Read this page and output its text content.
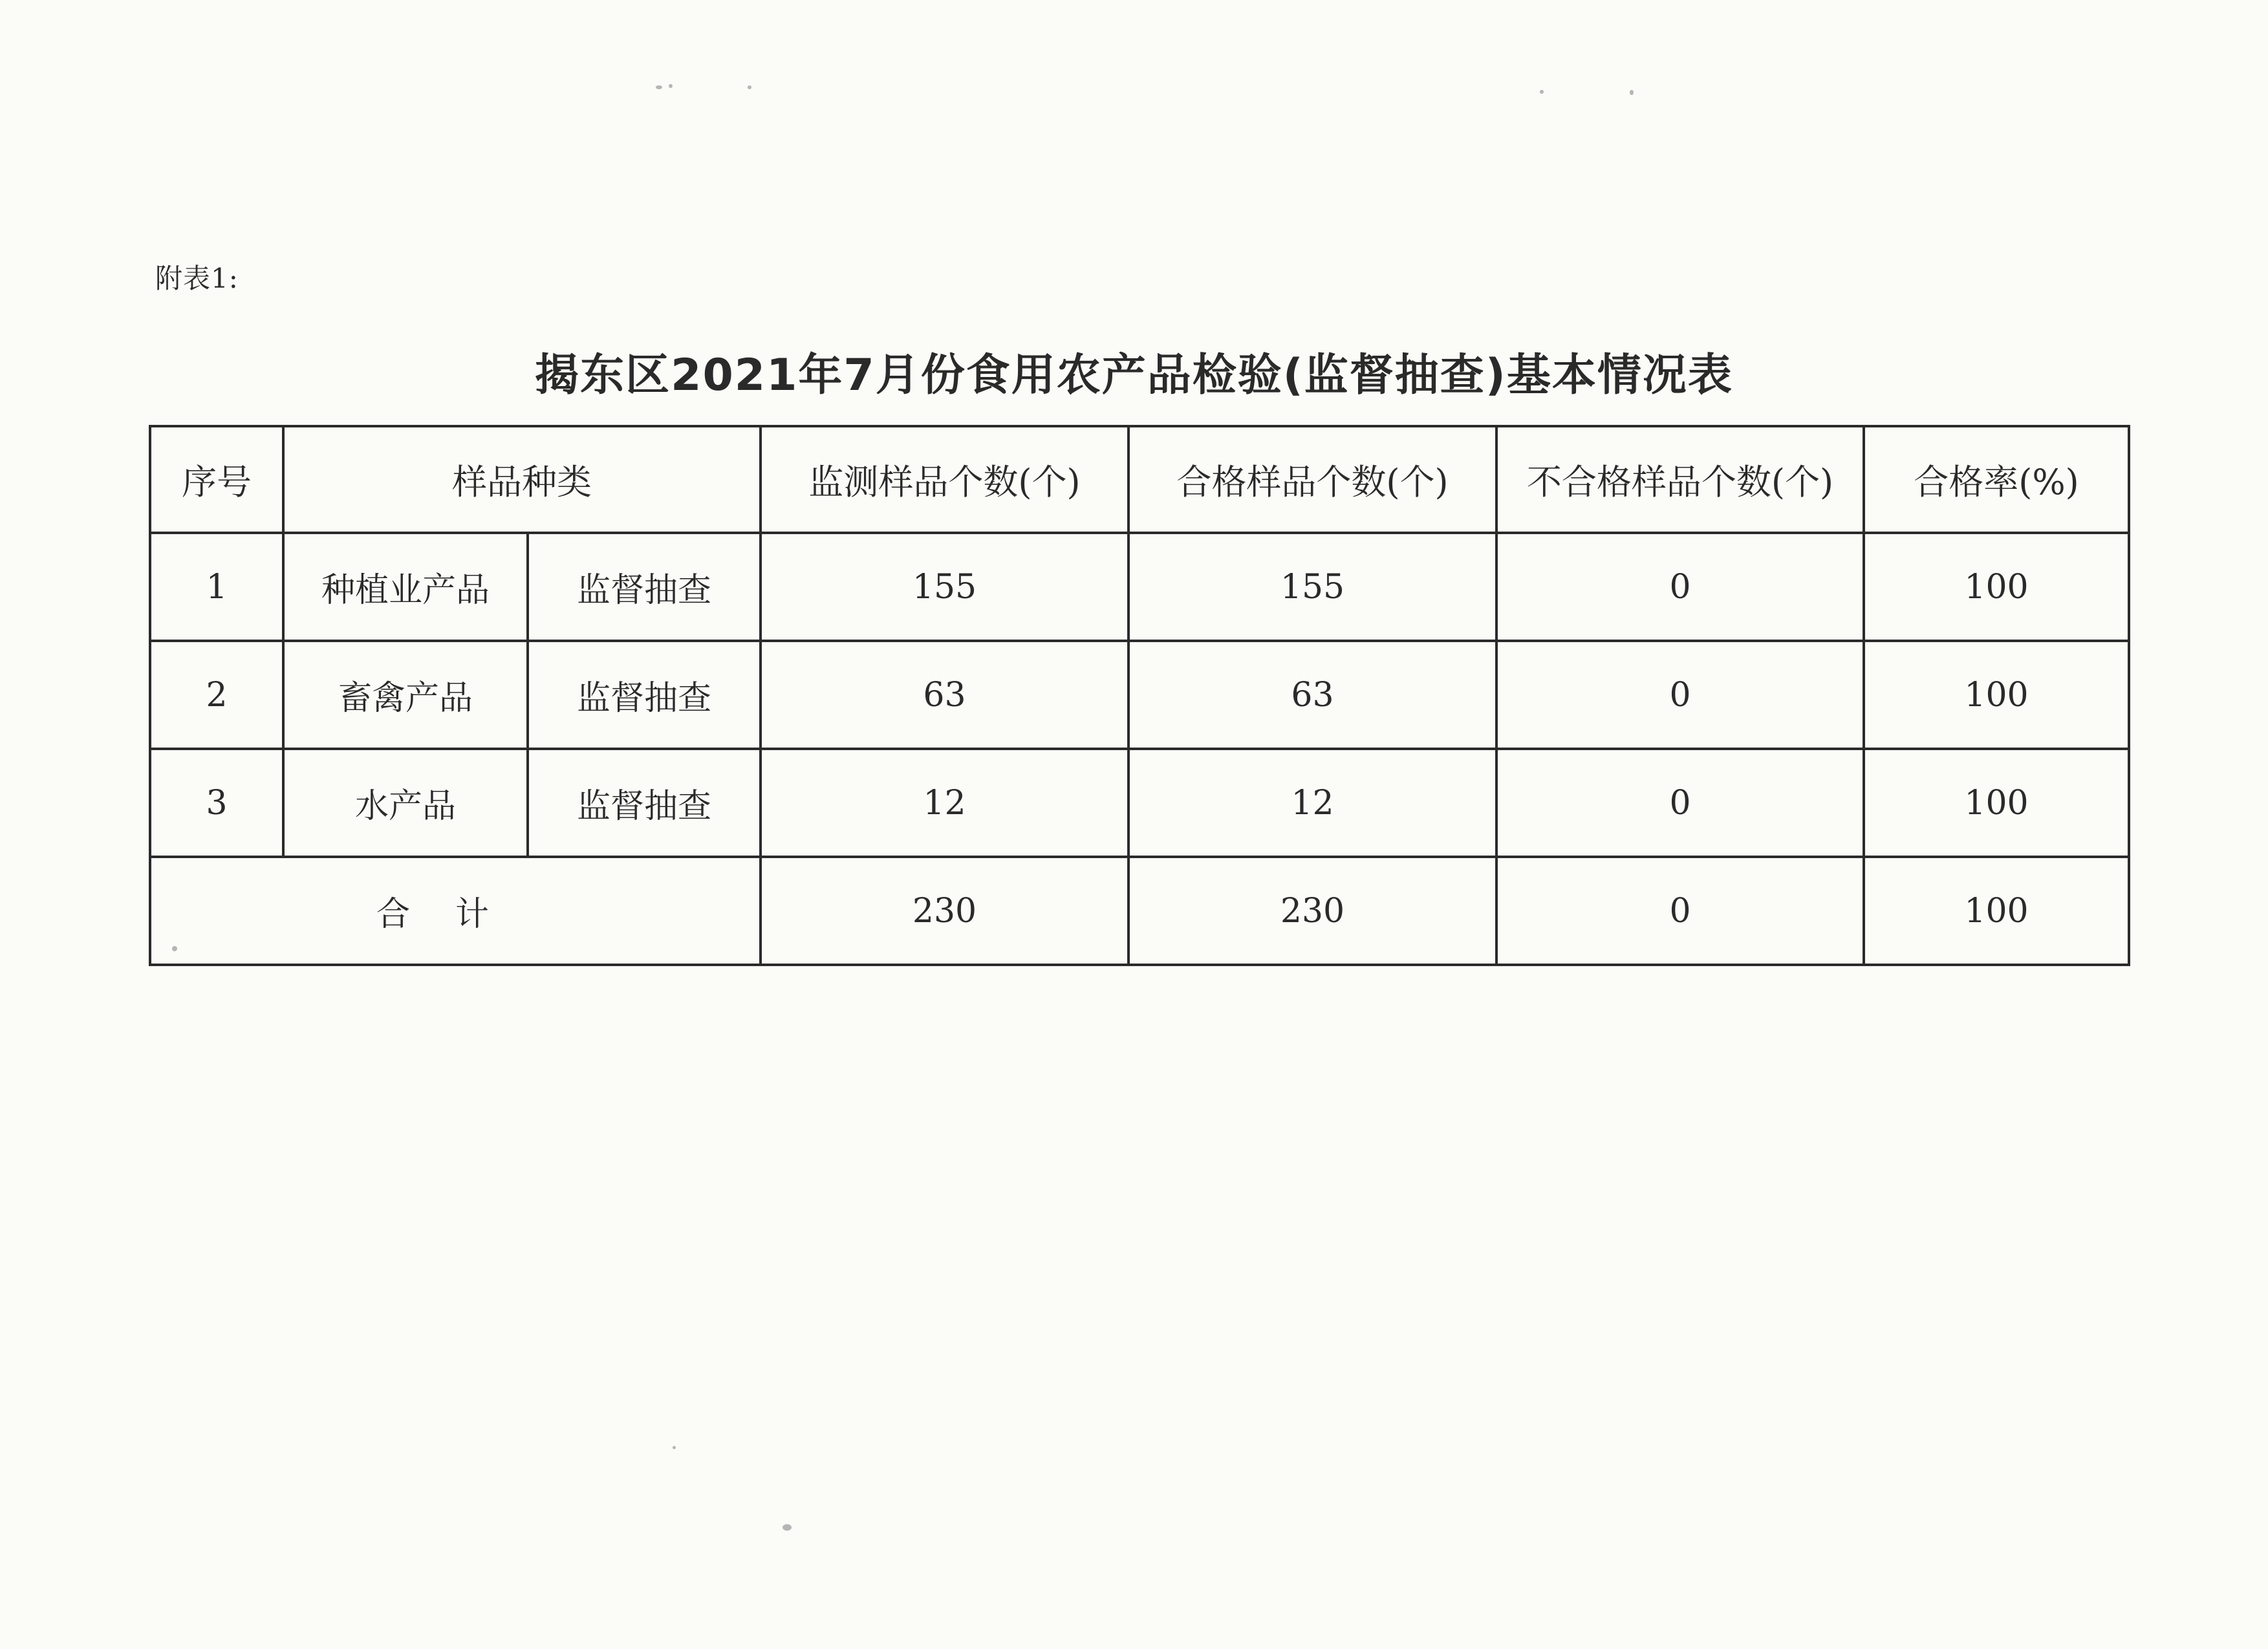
附表1:
揭东区2021年7月份食用农产品检验(监督抽查)基本情况表
序号	样品种类		监测样品个数(个)	合格样品个数(个)	不合格样品个数(个)	合格率(%)
1	种植业产品	监督抽查	155	155	0	100
2	畜禽产品	监督抽查	63	63	0	100
3	水产品	监督抽查	12	12	0	100
合计			230	230	0	100
